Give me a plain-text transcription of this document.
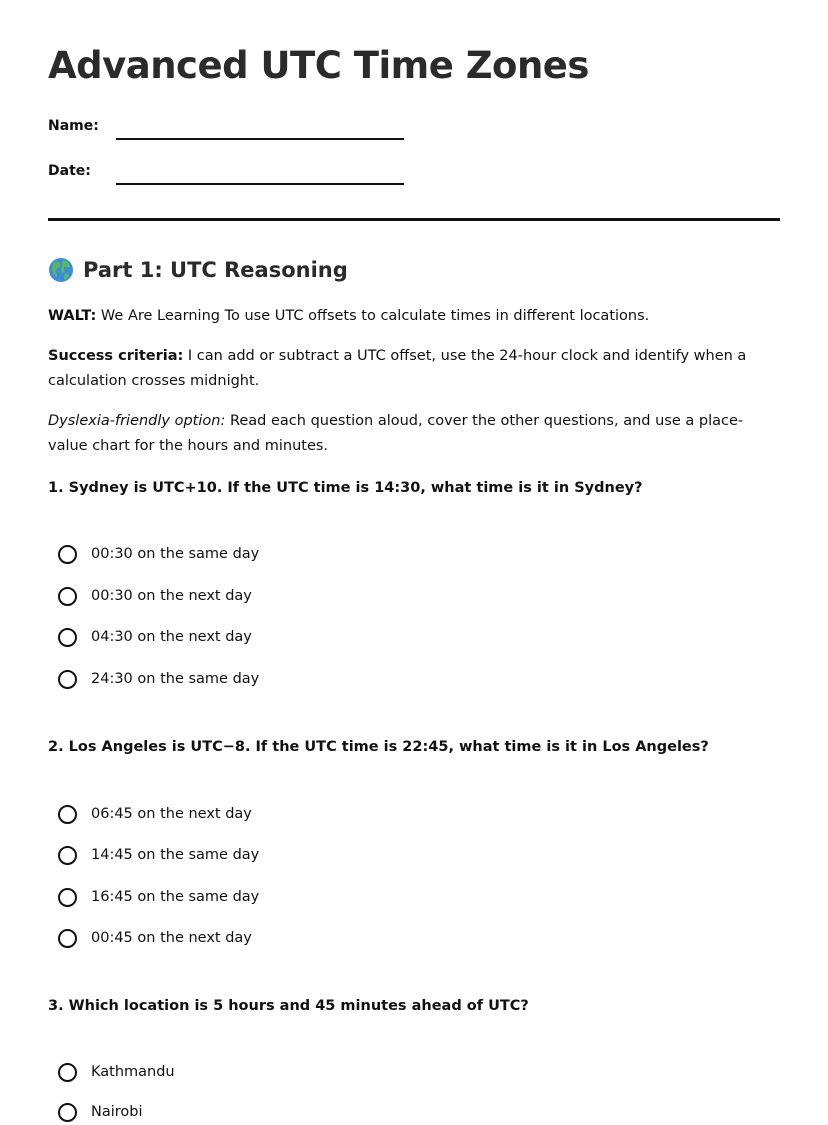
Advanced UTC Time Zones
Name:
Date:
Part 1: UTC Reasoning

WALT: We Are Learning To use UTC offsets to calculate times in different locations.

Success criteria: I can add or subtract a UTC offset, use the 24-hour clock and identify when a calculation crosses midnight.

Dyslexia-friendly option: Read each question aloud, cover the other questions, and use a place-value chart for the hours and minutes.

1. Sydney is UTC+10. If the UTC time is 14:30, what time is it in Sydney?

00:30 on the same day
00:30 on the next day
04:30 on the next day
24:30 on the same day

2. Los Angeles is UTC−8. If the UTC time is 22:45, what time is it in Los Angeles?

06:45 on the next day
14:45 on the same day
16:45 on the same day
00:45 on the next day

3. Which location is 5 hours and 45 minutes ahead of UTC?

Kathmandu
Nairobi
